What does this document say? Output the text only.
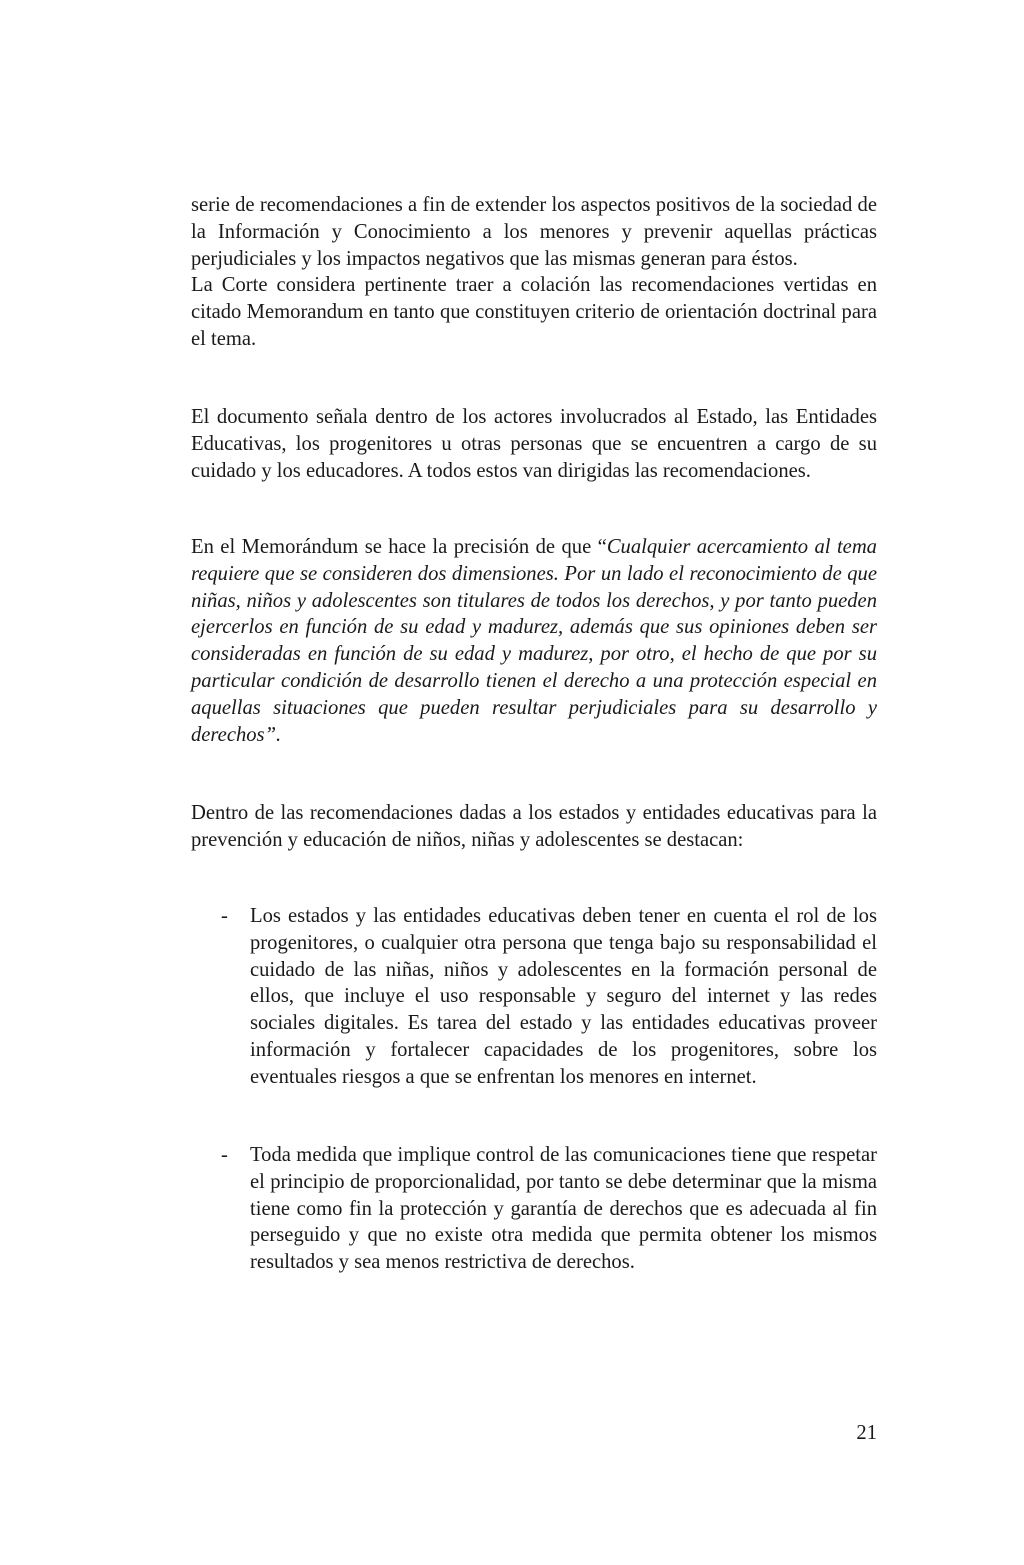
serie de recomendaciones a fin de extender los aspectos positivos de la sociedad de la Información y Conocimiento a los menores y prevenir aquellas prácticas perjudiciales y los impactos negativos que las mismas generan para éstos.

La Corte considera pertinente traer a colación las recomendaciones vertidas en citado Memorandum en tanto que constituyen criterio de orientación doctrinal para el tema.

El documento señala dentro de los actores involucrados al Estado, las Entidades Educativas, los progenitores u otras personas que se encuentren a cargo de su cuidado y los educadores. A todos estos van dirigidas las recomendaciones.

En el Memorándum se hace la precisión de que “Cualquier acercamiento al tema requiere que se consideren dos dimensiones. Por un lado el reconocimiento de que niñas, niños y adolescentes son titulares de todos los derechos, y por tanto pueden ejercerlos en función de su edad y madurez, además que sus opiniones deben ser consideradas en función de su edad y madurez, por otro, el hecho de que por su particular condición de desarrollo tienen el derecho a una protección especial en aquellas situaciones que pueden resultar perjudiciales para su desarrollo y derechos”.

Dentro de las recomendaciones dadas a los estados y entidades educativas para la prevención y educación de niños, niñas y adolescentes se destacan:

- Los estados y las entidades educativas deben tener en cuenta el rol de los progenitores, o cualquier otra persona que tenga bajo su responsabilidad el cuidado de las niñas, niños y adolescentes en la formación personal de ellos, que incluye el uso responsable y seguro del internet y las redes sociales digitales. Es tarea del estado y las entidades educativas proveer información y fortalecer capacidades de los progenitores, sobre los eventuales riesgos a que se enfrentan los menores en internet.

- Toda medida que implique control de las comunicaciones tiene que respetar el principio de proporcionalidad, por tanto se debe determinar que la misma tiene como fin la protección y garantía de derechos que es adecuada al fin perseguido y que no existe otra medida que permita obtener los mismos resultados y sea menos restrictiva de derechos.

21
